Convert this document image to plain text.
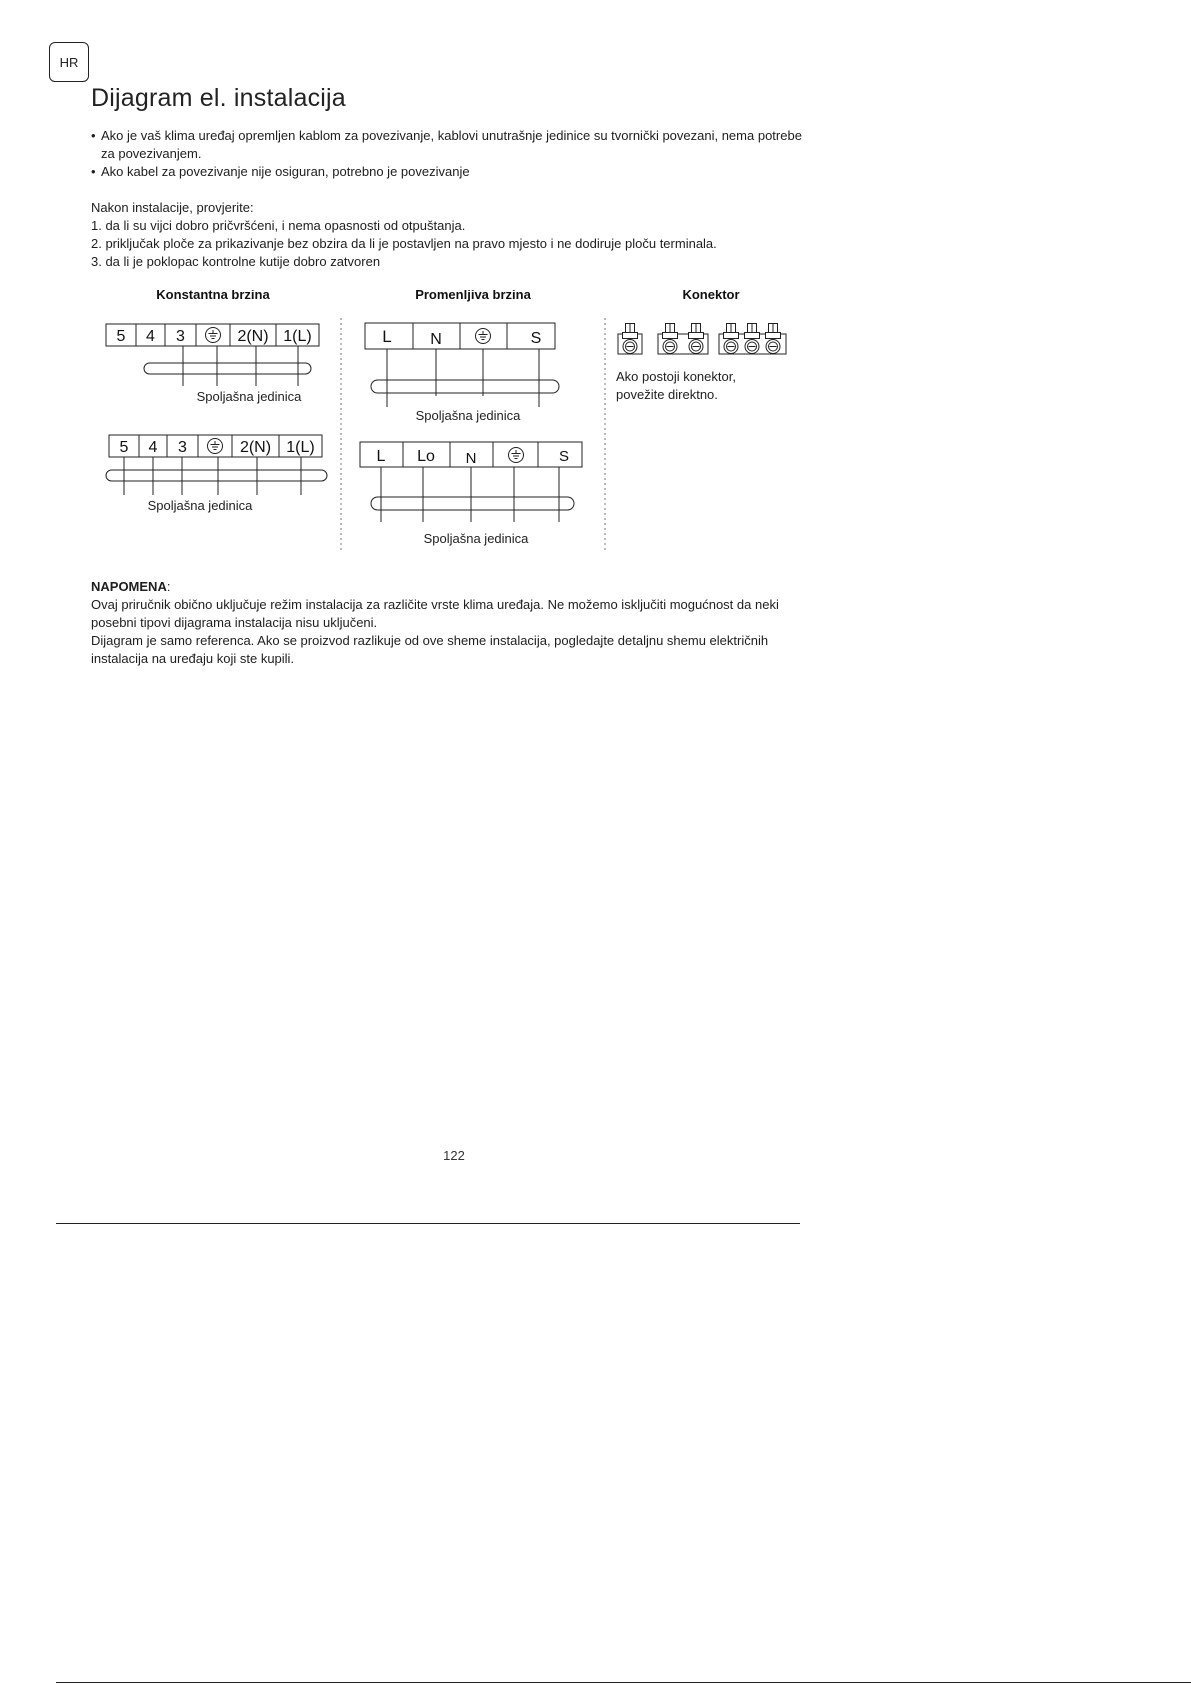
HR
Dijagram el. instalacija
• Ako je vaš klima uređaj opremljen kablom za povezivanje, kablovi unutrašnje jedinice su tvornički povezani, nema potrebe za povezivanjem.
• Ako kabel za povezivanje nije osiguran, potrebno je povezivanje
Nakon instalacije, provjerite:
1. da li su vijci dobro pričvršćeni, i nema opasnosti od otpuštanja.
2. priključak ploče za prikazivanje bez obzira da li je postavljen na pravo mjesto i ne dodiruje ploču terminala.
3. da li je poklopac kontrolne kutije dobro zatvoren
Konstantna brzina	Promenljiva brzina	Konektor
5 4 3	2(N) 1(L)
Spoljašna jedinica
5 4 3	2(N) 1(L)
Spoljašna jedinica
L N	S
Spoljašna jedinica
L Lo N	S
Spoljašna jedinica
Ako postoji konektor,
povežite direktno.
NAPOMENA:
Ovaj priručnik obično uključuje režim instalacija za različite vrste klima uređaja. Ne možemo isključiti mogućnost da neki posebni tipovi dijagrama instalacija nisu uključeni.
Dijagram je samo referenca. Ako se proizvod razlikuje od ove sheme instalacija, pogledajte detaljnu shemu električnih instalacija na uređaju koji ste kupili.
122
